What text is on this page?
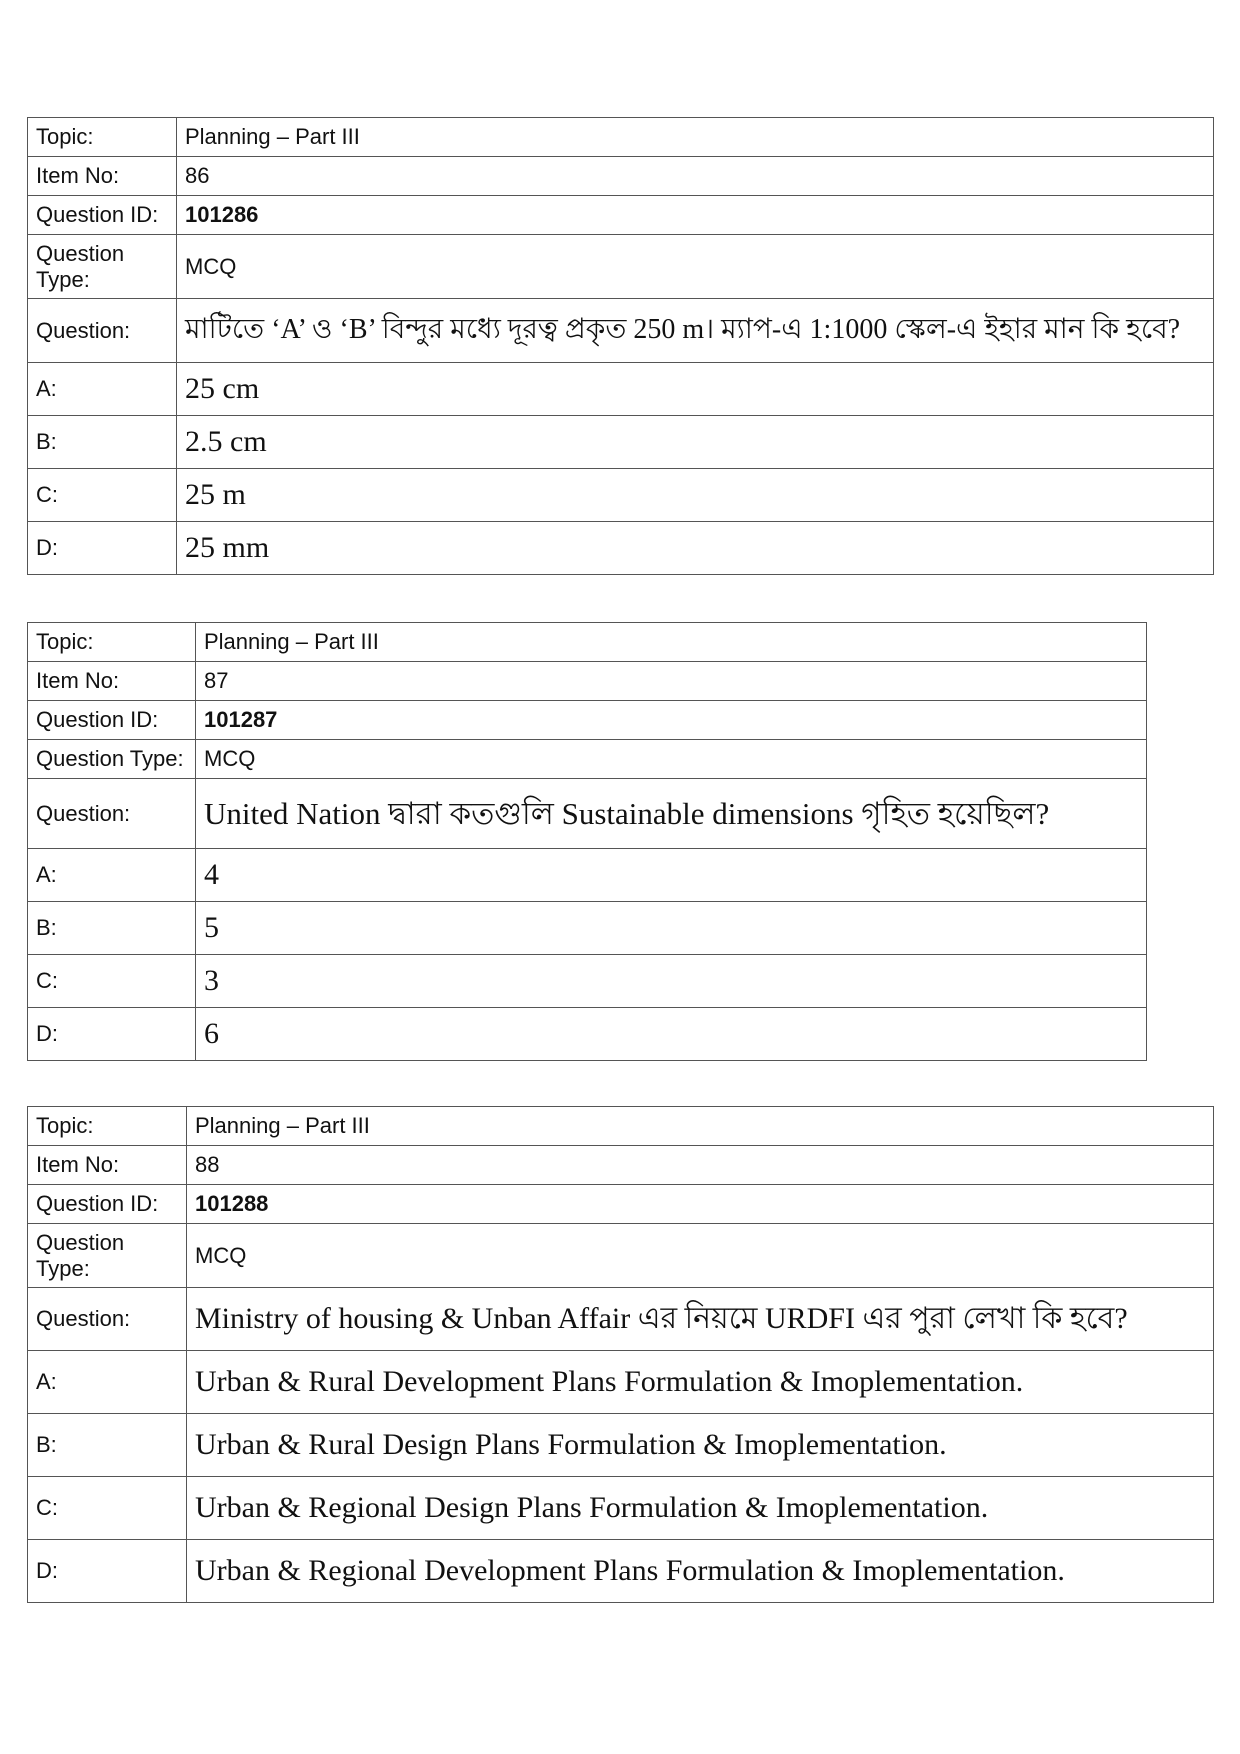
Topic:	Planning – Part III
Item No:	86
Question ID:	101286
Question Type:	MCQ
Question:	মাটিতে ‘A’ ও ‘B’ বিন্দুর মধ্যে দূরত্ব প্রকৃত 250 m। ম্যাপ-এ 1:1000 স্কেল-এ ইহার মান কি হবে?
A:	25 cm
B:	2.5 cm
C:	25 m
D:	25 mm
Topic:	Planning – Part III
Item No:	87
Question ID:	101287
Question Type:	MCQ
Question:	United Nation দ্বারা কতগুলি Sustainable dimensions গৃহিত হয়েছিল?
A:	4
B:	5
C:	3
D:	6
Topic:	Planning – Part III
Item No:	88
Question ID:	101288
Question Type:	MCQ
Question:	Ministry of housing & Unban Affair এর নিয়মে URDFI এর পুরা লেখা কি হবে?
A:	Urban & Rural Development Plans Formulation & Imoplementation.
B:	Urban & Rural Design Plans Formulation & Imoplementation.
C:	Urban & Regional Design Plans Formulation & Imoplementation.
D:	Urban & Regional Development Plans Formulation & Imoplementation.
